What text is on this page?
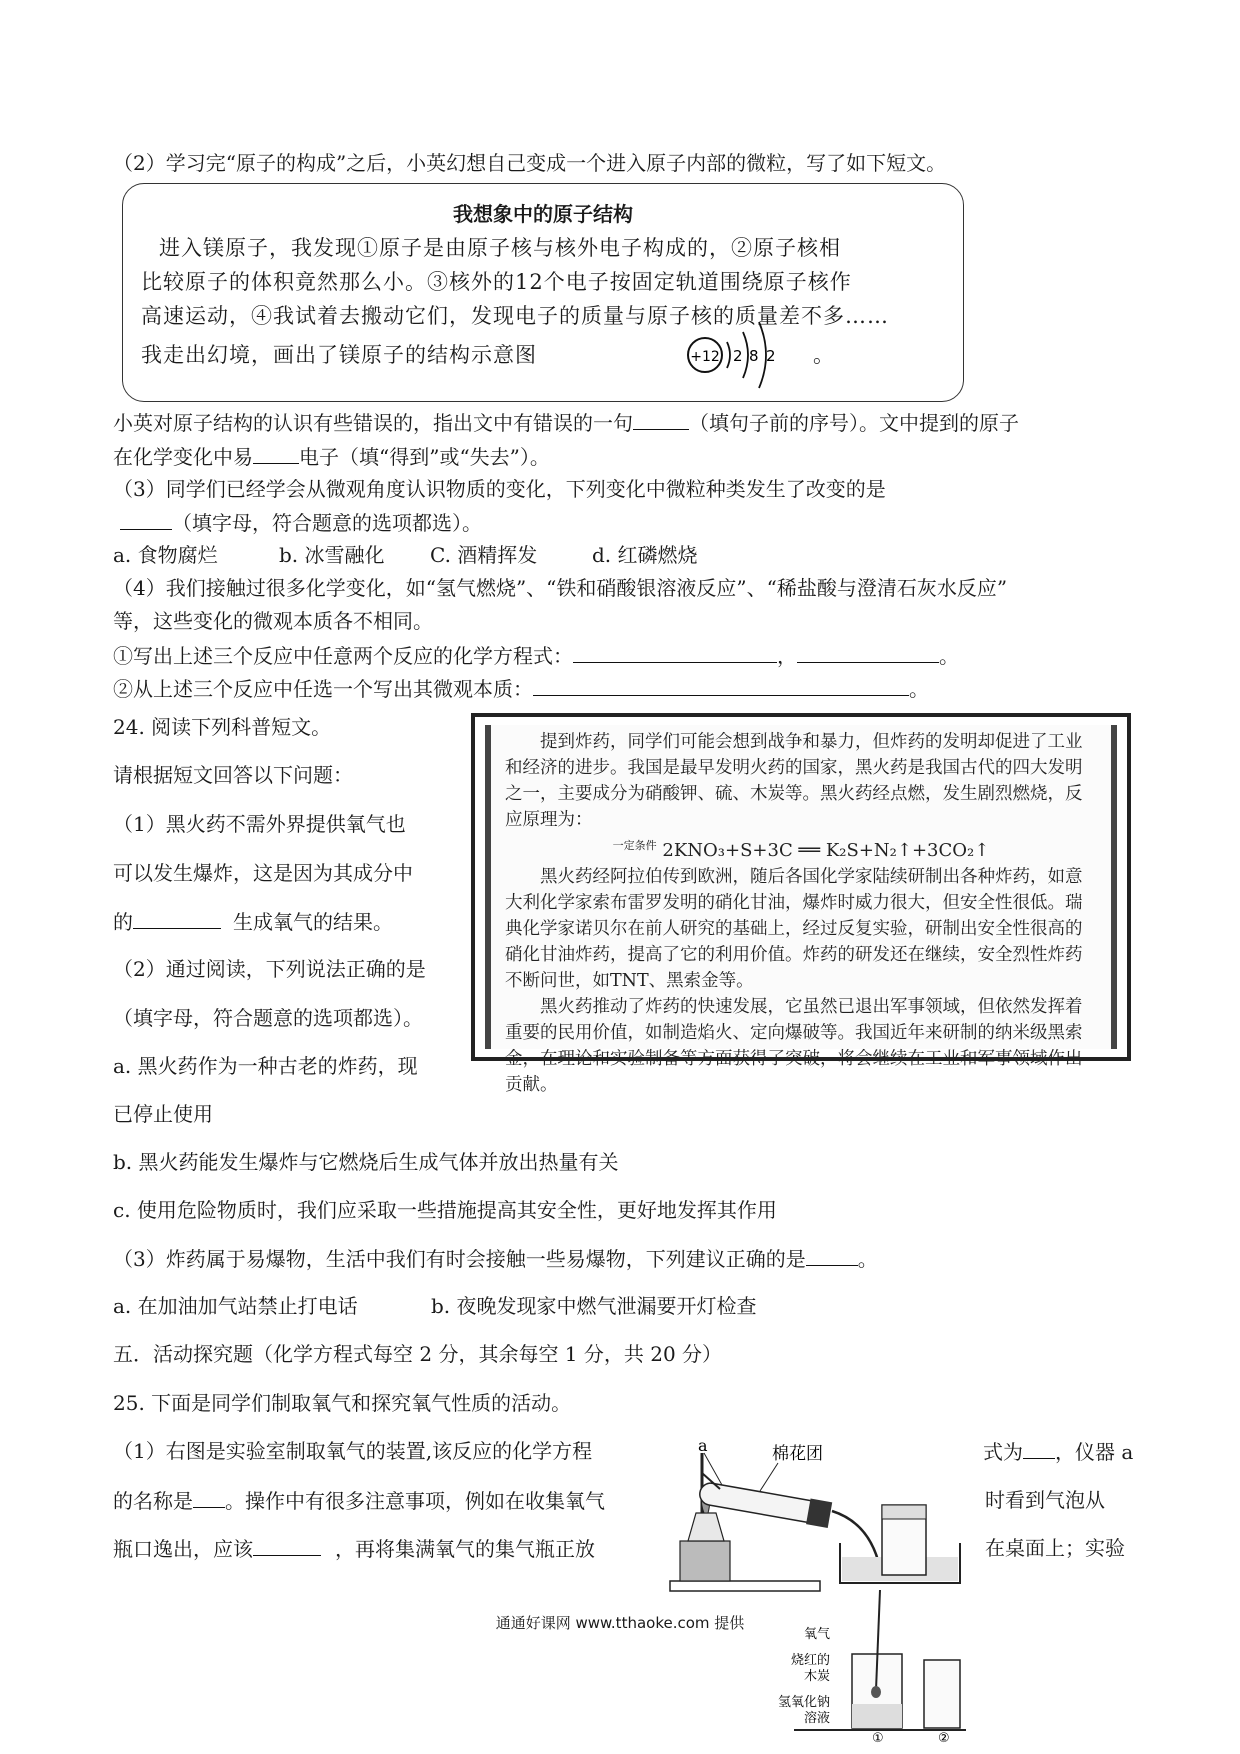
（2）学习完“原子的构成”之后，小英幻想自己变成一个进入原子内部的微粒，写了如下短文。
我想象中的原子结构
进入镁原子，我发现①原子是由原子核与核外电子构成的，②原子核相
比较原子的体积竟然那么小。③核外的12个电子按固定轨道围绕原子核作
高速运动，④我试着去搬动它们，发现电子的质量与原子核的质量差不多……
我走出幻境，画出了镁原子的结构示意图	+12 2 8 2 。
小英对原子结构的认识有些错误的，指出文中有错误的一句	（填句子前的序号）。文中提到的原子
在化学变化中易 电子（填“得到”或“失去”）。
（3）同学们已经学会从微观角度认识物质的变化，下列变化中微粒种类发生了改变的是
（填字母，符合题意的选项都选）。
a. 食物腐烂	b. 冰雪融化 C. 酒精挥发	d. 红磷燃烧
（4）我们接触过很多化学变化，如“氢气燃烧”、“铁和硝酸银溶液反应”、“稀盐酸与澄清石灰水反应”
等，这些变化的微观本质各不相同。
①写出上述三个反应中任意两个反应的化学方程式：	，	。
②从上述三个反应中任选一个写出其微观本质：	。
24. 阅读下列科普短文。
请根据短文回答以下问题：
（1）黑火药不需外界提供氧气也
可以发生爆炸，这是因为其成分中
的	生成氧气的结果。
（2）通过阅读，下列说法正确的是
（填字母，符合题意的选项都选）。
a. 黑火药作为一种古老的炸药，现
已停止使用
b. 黑火药能发生爆炸与它燃烧后生成气体并放出热量有关
c. 使用危险物质时，我们应采取一些措施提高其安全性，更好地发挥其作用
（3）炸药属于易爆物，生活中我们有时会接触一些易爆物，下列建议正确的是	。
a. 在加油加气站禁止打电话	b. 夜晚发现家中燃气泄漏要开灯检查

提到炸药，同学们可能会想到战争和暴力，但炸药的发明却促进了工业和经济的进步。我国是最早发明火药的国家，黑火药是我国古代的四大发明之一，主要成分为硝酸钾、硫、木炭等。黑火药经点燃，发生剧烈燃烧，反应原理为：

$^{一定条件}$ 2KNO₃+S+3C ══ K₂S+N₂↑+3CO₂↑

黑火药经阿拉伯传到欧洲，随后各国化学家陆续研制出各种炸药，如意大利化学家索布雷罗发明的硝化甘油，爆炸时威力很大，但安全性很低。瑞典化学家诺贝尔在前人研究的基础上，经过反复实验，研制出安全性很高的硝化甘油炸药，提高了它的利用价值。炸药的研发还在继续，安全烈性炸药不断问世，如TNT、黑索金等。

黑火药推动了炸药的快速发展，它虽然已退出军事领域，但依然发挥着重要的民用价值，如制造焰火、定向爆破等。我国近年来研制的纳米级黑索金，在理论和实验制备等方面获得了突破，将会继续在工业和军事领域作出贡献。

五．活动探究题（化学方程式每空 2 分，其余每空 1 分，共 20 分）
25. 下面是同学们制取氧气和探究氧气性质的活动。
（1）右图是实验室制取氧气的装置,该反应的化学方程	式为 ，仪器 a
的名称是 。操作中有很多注意事项，例如在收集氧气	时看到气泡从
瓶口逸出，应该	，再将集满氧气的集气瓶正放	在桌面上；实验
a	棉花团
氧气
烧红的
木炭
氢氧化钠
溶液
①	②
通通好课网 www.tthaoke.com 提供
